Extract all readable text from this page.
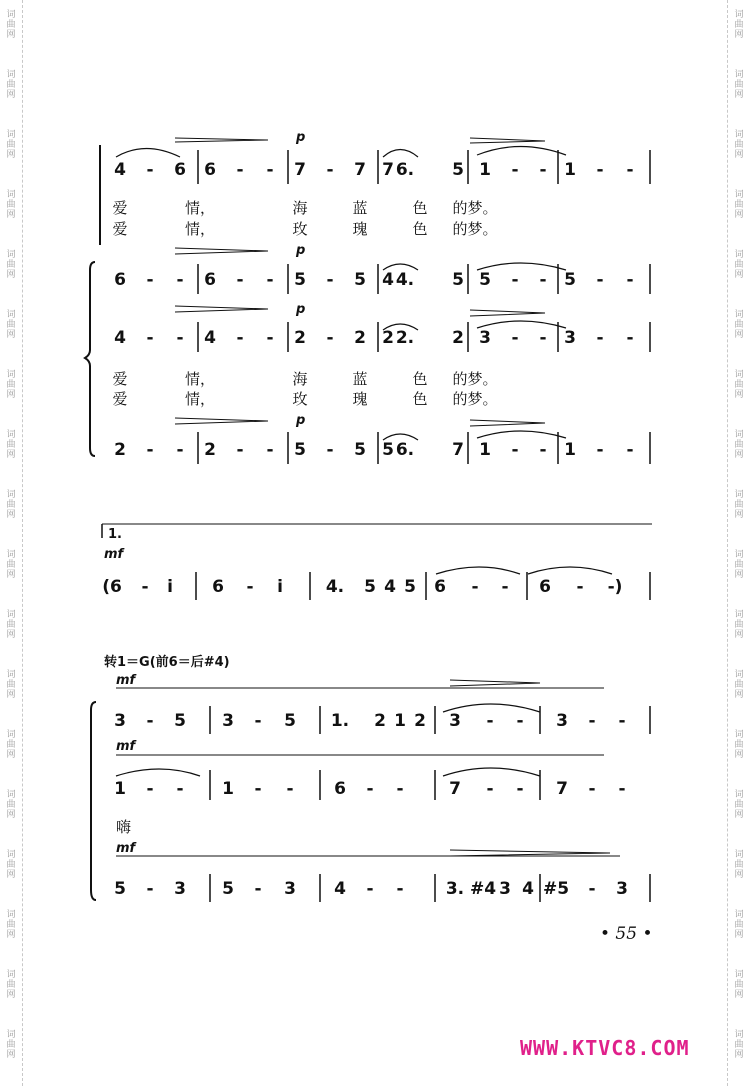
词曲网
词曲网
词曲网
词曲网
词曲网
词曲网
词曲网
词曲网
词曲网
词曲网
词曲网
词曲网
词曲网
词曲网
词曲网
词曲网
词曲网
词曲网
词曲网
词曲网
词曲网
词曲网
词曲网
词曲网
词曲网
词曲网
词曲网
词曲网
词曲网
词曲网
词曲网
词曲网
词曲网
词曲网
词曲网
词曲网
p
4 - 6 6 - - 7 - 7 7 6. 5 1 - - 1 - -
爱	情，	海	蓝	色 的梦。
爱	情，	玫	瑰	色 的梦。
p
6 - - 6 - - 5 - 5 4 4. 5 5 - - 5 - -
p
4 - - 4 - - 2 - 2 2 2. 2 3 - - 3 - -
爱	情，	海	蓝	色 的梦。
爱	情，	玫	瑰	色 的梦。
p
2 - - 2 - - 5 - 5 5 6. 7 1 - - 1 - -
1.
mf
(6 - i 6 - i	4. 5 4 5 6 - - 6 - -)
转1＝G(前6＝后#4)
mf
3 - 5 3 - 5 1. 2 1 2 3 - - 3 - -
mf
1 - - 1 - - 6 - -	7 - - 7 - -
嗨
mf
5 - 3 5 - 3 4 - - 3. #4 3 4 #5 - 3
• 55 •
WWW.KTVC8.COM
